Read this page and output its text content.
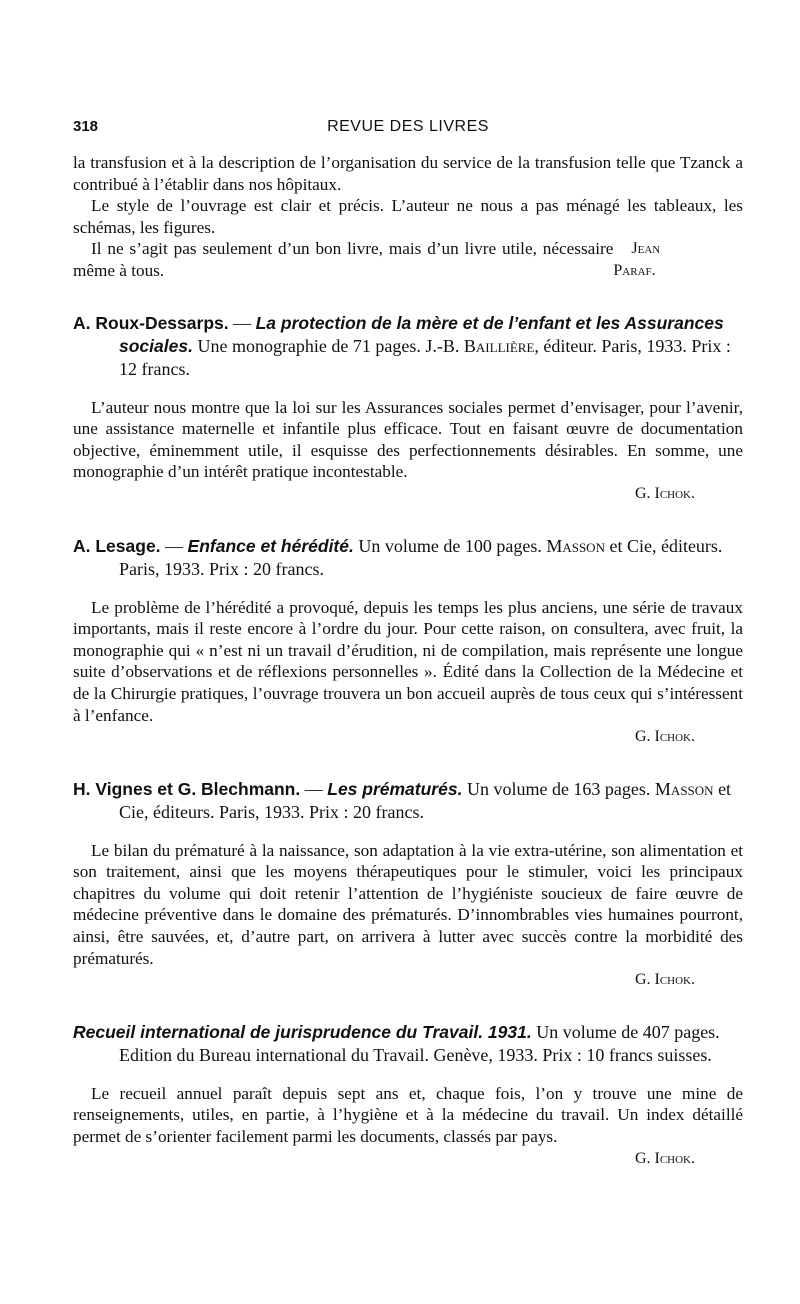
318	REVUE DES LIVRES

la transfusion et à la description de l’organisation du service de la transfusion telle que Tzanck a contribué à l’établir dans nos hôpitaux.

Le style de l’ouvrage est clair et précis. L’auteur ne nous a pas ménagé les tableaux, les schémas, les figures.

Il ne s’agit pas seulement d’un bon livre, mais d’un livre utile, nécessaire même à tous.
Jean Paraf.

A. Roux-Dessarps. — La protection de la mère et de l’enfant et les Assurances sociales. Une monographie de 71 pages. J.-B. Baillière, éditeur. Paris, 1933. Prix : 12 francs.

L’auteur nous montre que la loi sur les Assurances sociales permet d’envisager, pour l’avenir, une assistance maternelle et infantile plus efficace. Tout en faisant œuvre de documentation objective, éminemment utile, il esquisse des perfectionnements désirables. En somme, une monographie d’un intérêt pratique incontestable.

G. Ichok.

A. Lesage. — Enfance et hérédité. Un volume de 100 pages. Masson et Cie, éditeurs. Paris, 1933. Prix : 20 francs.

Le problème de l’hérédité a provoqué, depuis les temps les plus anciens, une série de travaux importants, mais il reste encore à l’ordre du jour. Pour cette raison, on consultera, avec fruit, la monographie qui « n’est ni un travail d’érudition, ni de compilation, mais représente une longue suite d’observations et de réflexions personnelles ». Édité dans la Collection de la Médecine et de la Chirurgie pratiques, l’ouvrage trouvera un bon accueil auprès de tous ceux qui s’intéressent à l’enfance.

G. Ichok.

H. Vignes et G. Blechmann. — Les prématurés. Un volume de 163 pages. Masson et Cie, éditeurs. Paris, 1933. Prix : 20 francs.

Le bilan du prématuré à la naissance, son adaptation à la vie extra-utérine, son alimentation et son traitement, ainsi que les moyens thérapeutiques pour le stimuler, voici les principaux chapitres du volume qui doit retenir l’attention de l’hygiéniste soucieux de faire œuvre de médecine préventive dans le domaine des prématurés. D’innombrables vies humaines pourront, ainsi, être sauvées, et, d’autre part, on arrivera à lutter avec succès contre la morbidité des prématurés.

G. Ichok.

Recueil international de jurisprudence du Travail. 1931. Un volume de 407 pages. Edition du Bureau international du Travail. Genève, 1933. Prix : 10 francs suisses.

Le recueil annuel paraît depuis sept ans et, chaque fois, l’on y trouve une mine de renseignements, utiles, en partie, à l’hygiène et à la médecine du travail. Un index détaillé permet de s’orienter facilement parmi les documents, classés par pays.

G. Ichok.
